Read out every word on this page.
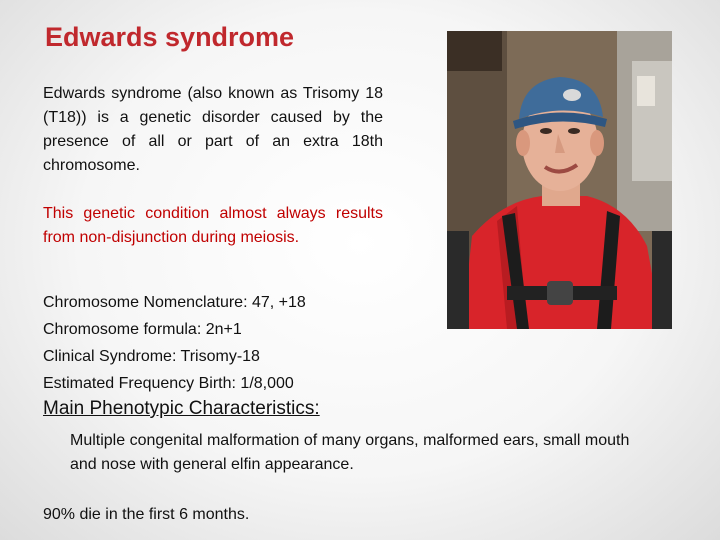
Edwards syndrome
Edwards syndrome (also known as Trisomy 18 (T18)) is a genetic disorder caused by the presence of all or part of an extra 18th chromosome.
This genetic condition almost always results from non-disjunction during meiosis.
Chromosome Nomenclature: 47, +18
Chromosome formula: 2n+1
Clinical Syndrome: Trisomy-18
Estimated Frequency Birth: 1/8,000
Main Phenotypic Characteristics:
Multiple congenital malformation of many organs, malformed ears, small mouth and nose with general elfin appearance.
90% die in the first 6 months.
